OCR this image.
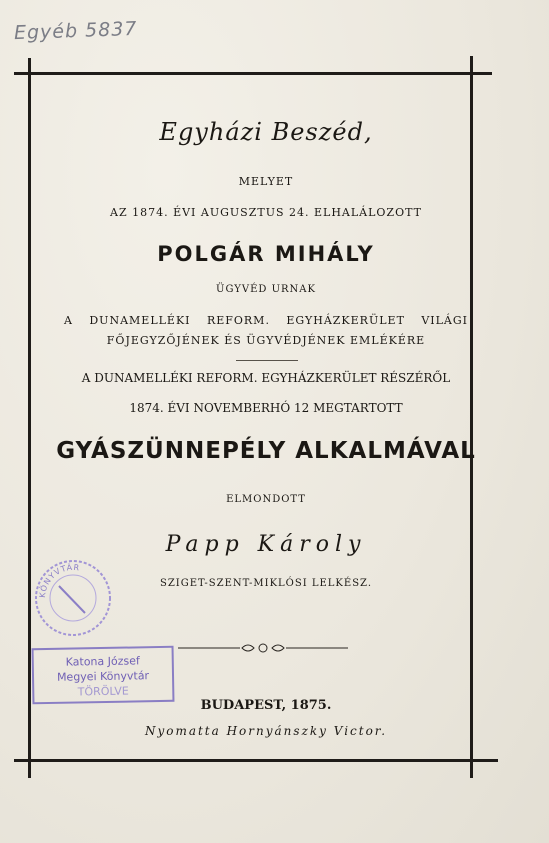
Egyéb 5837
Egyházi Beszéd,
MELYET
AZ 1874. ÉVI AUGUSZTUS 24. ELHALÁLOZOTT
POLGÁR MIHÁLY
ÜGYVÉD URNAK
A DUNAMELLÉKI REFORM. EGYHÁZKERÜLET VILÁGI
FŐJEGYZŐJÉNEK ÉS ÜGYVÉDJÉNEK EMLÉKÉRE
A DUNAMELLÉKI REFORM. EGYHÁZKERÜLET RÉSZÉRŐL
1874. ÉVI NOVEMBERHÓ 12 MEGTARTOTT
GYÁSZÜNNEPÉLY ALKALMÁVAL
ELMONDOTT
Papp Károly
SZIGET-SZENT-MIKLÓSI LELKÉSZ.
BUDAPEST, 1875.
Nyomatta Hornyánszky Victor.
KÖNYVTÁR
Katona József
Megyei Könyvtár
TÖRÖLVE
